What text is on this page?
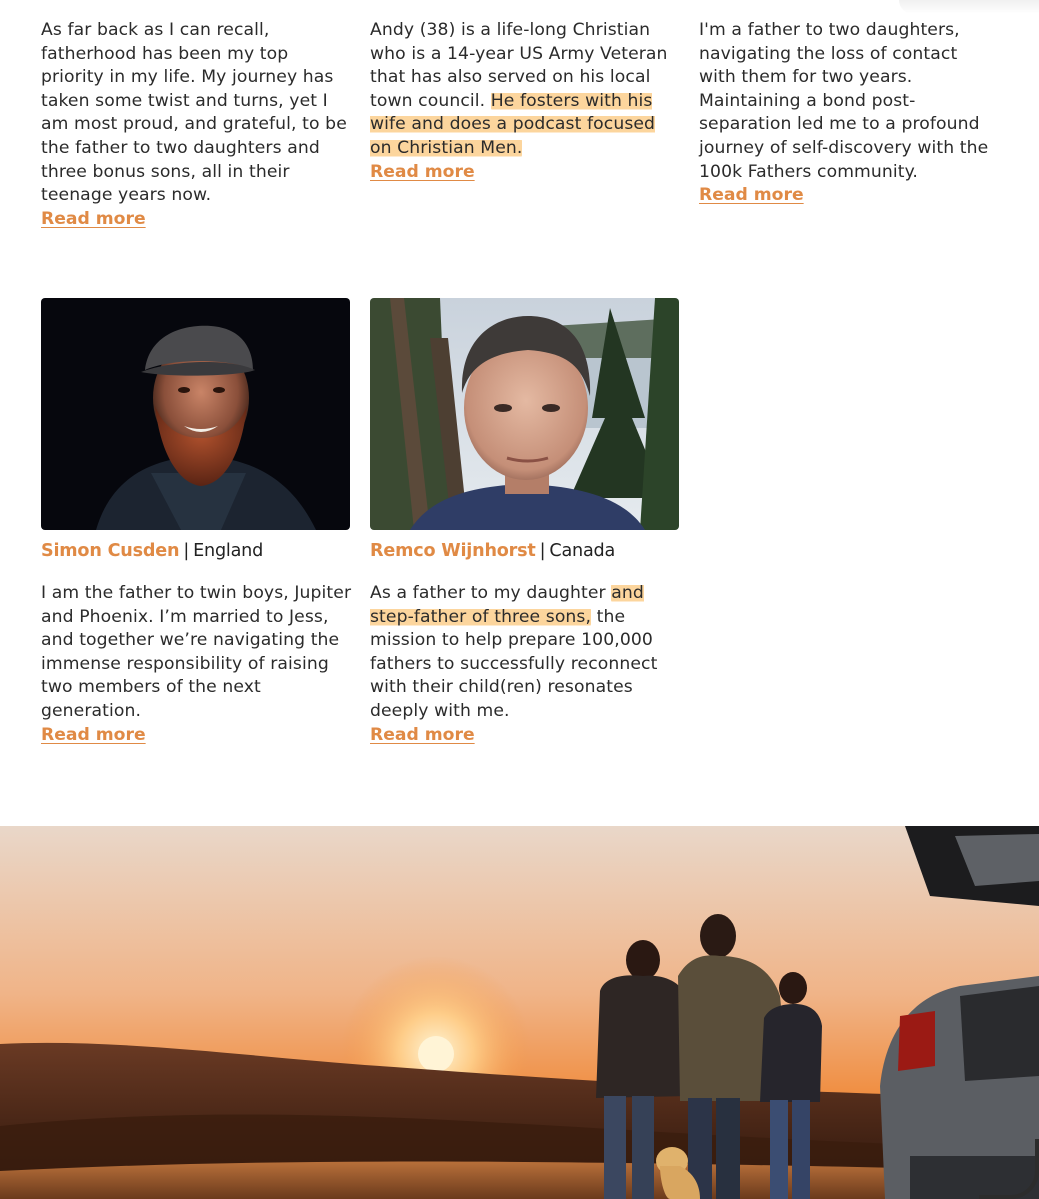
As far back as I can recall, fatherhood has been my top priority in my life. My journey has taken some twist and turns, yet I am most proud, and grateful, to be the father to two daughters and three bonus sons, all in their teenage years now.

Read more

Andy (38) is a life-long Christian who is a 14-year US Army Veteran that has also served on his local town council. He fosters with his wife and does a podcast focused on Christian Men.

Read more

I'm a father to two daughters, navigating the loss of contact with them for two years. Maintaining a bond post-separation led me to a profound journey of self-discovery with the 100k Fathers community.

Read more
Simon Cusden | England	Remco Wijnhorst | Canada

I am the father to twin boys, Jupiter and Phoenix. I’m married to Jess, and together we’re navigating the immense responsibility of raising two members of the next generation.

Read more

As a father to my daughter and step-father of three sons, the mission to help prepare 100,000 fathers to successfully reconnect with their child(ren) resonates deeply with me.

Read more
